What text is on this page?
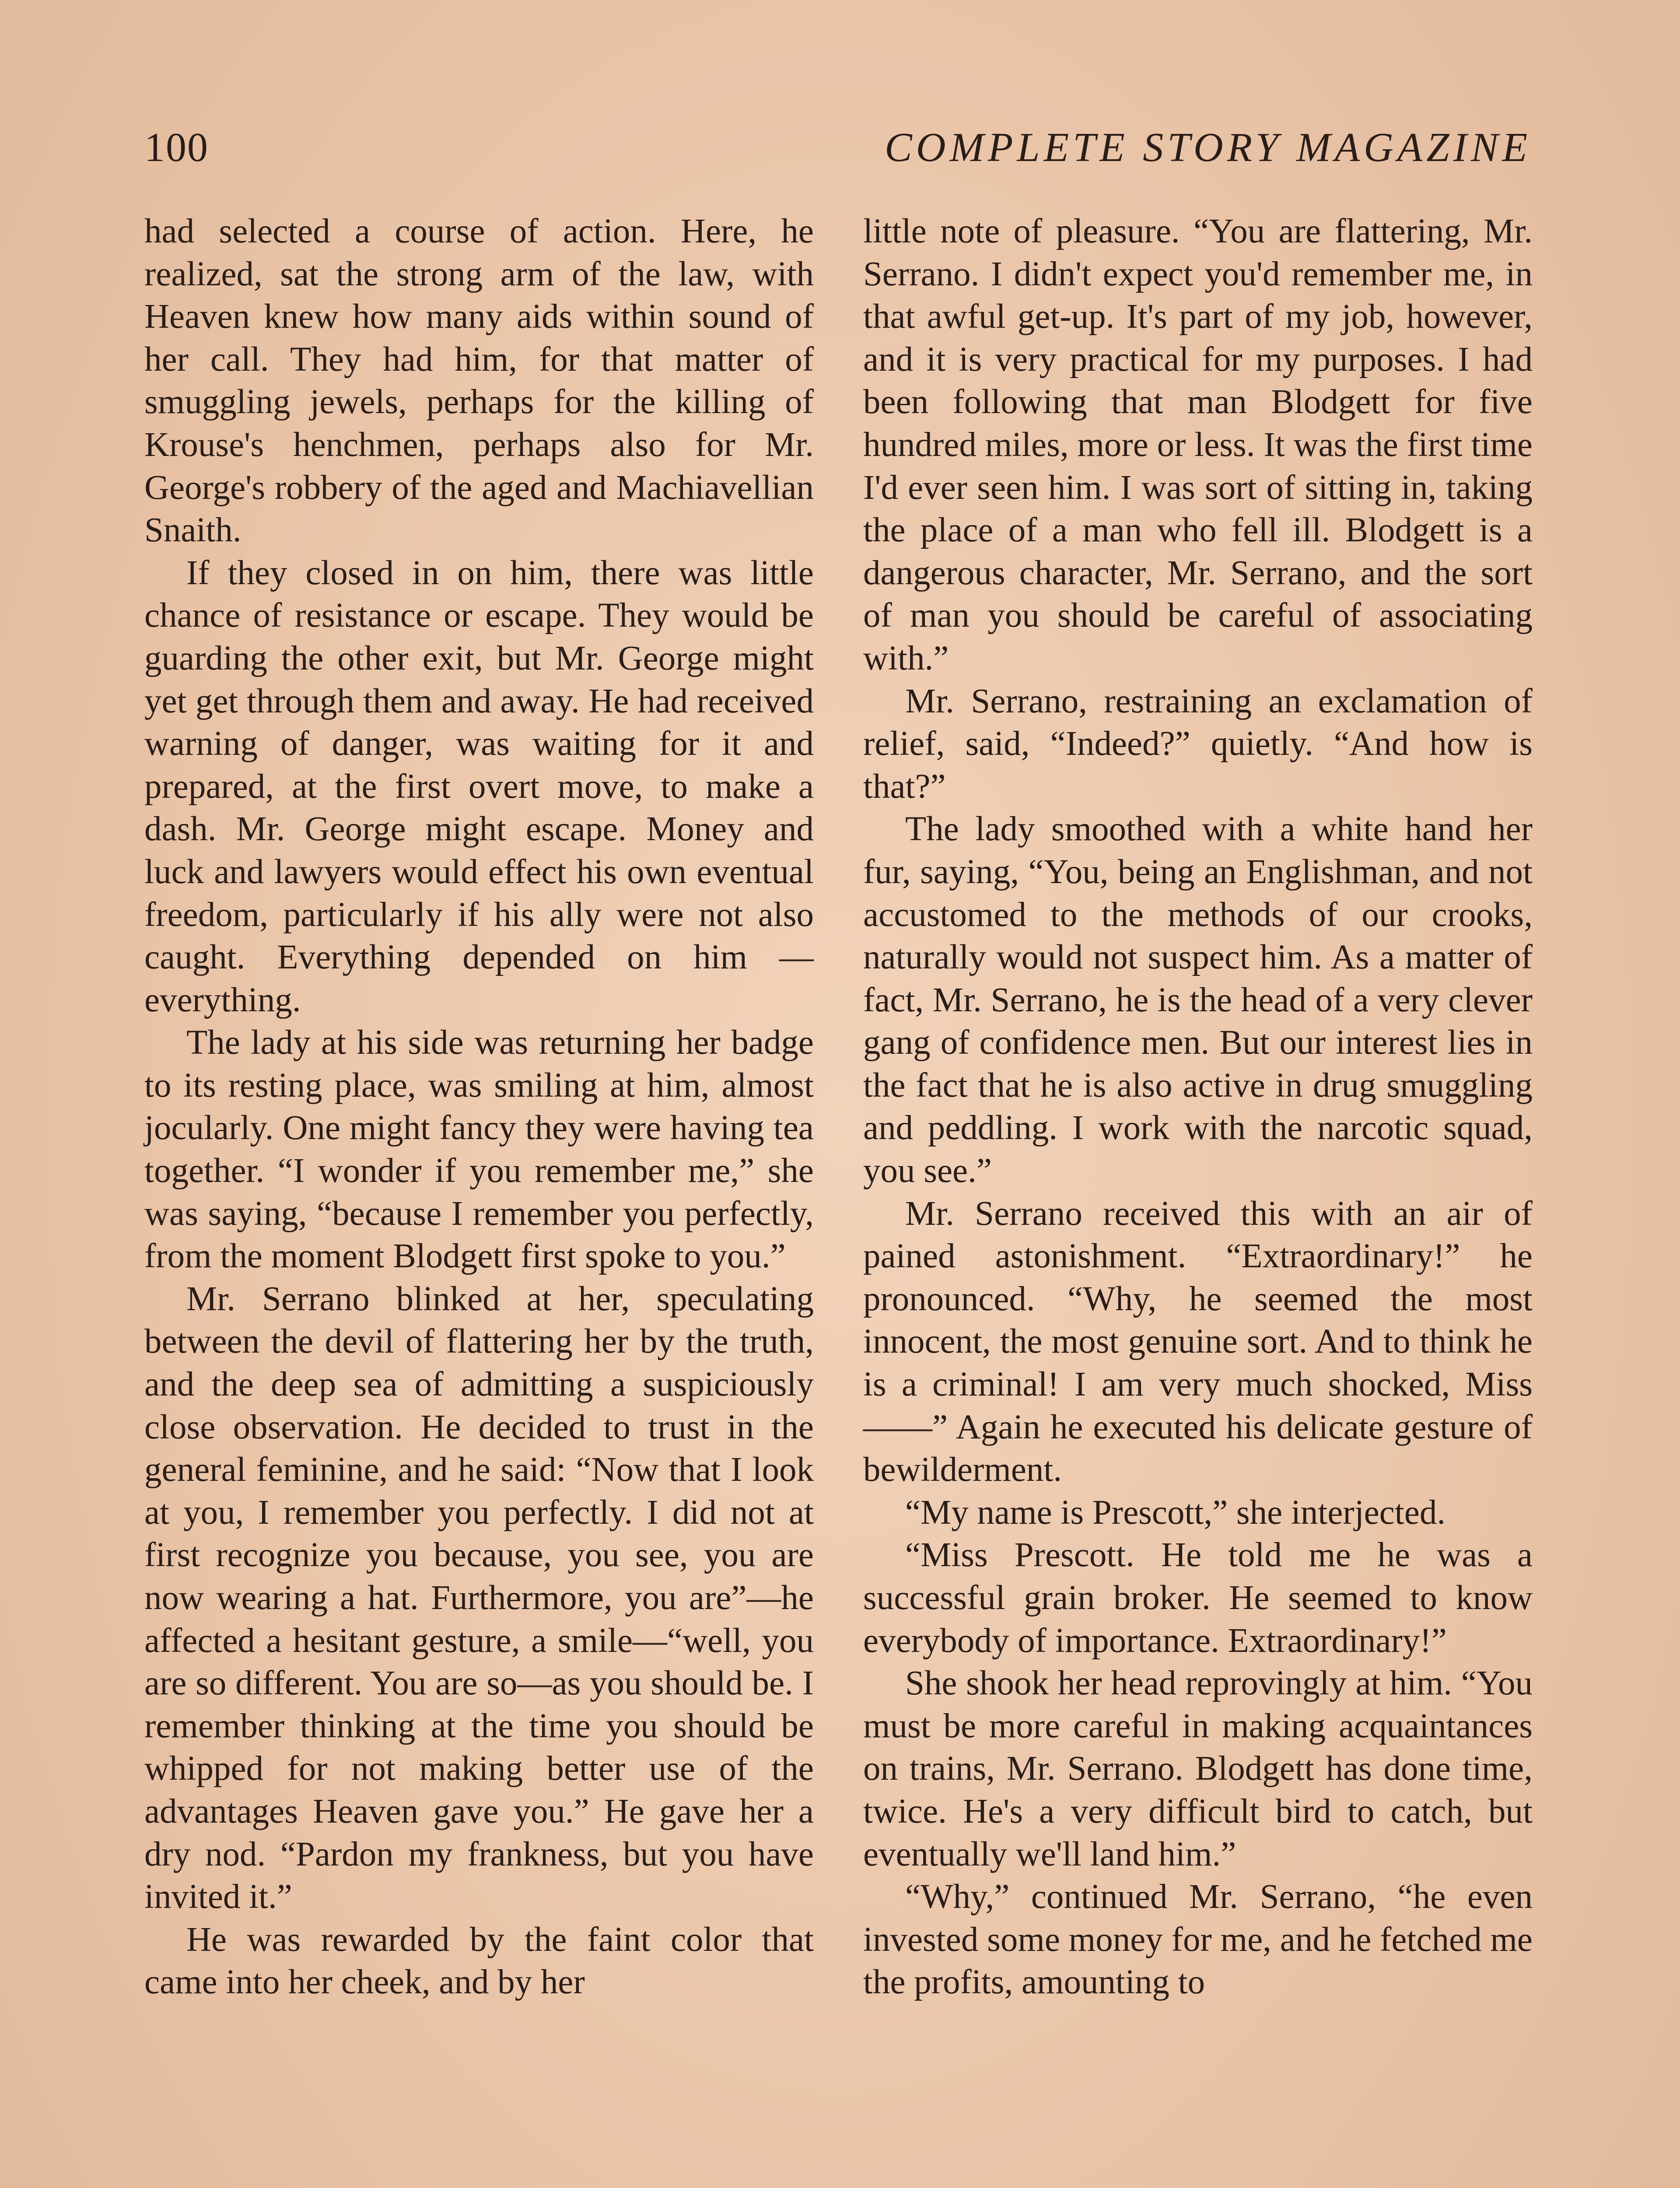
100	COMPLETE STORY MAGAZINE

had selected a course of action. Here, he realized, sat the strong arm of the law, with Heaven knew how many aids within sound of her call. They had him, for that matter of smuggling jewels, perhaps for the killing of Krouse's henchmen, perhaps also for Mr. George's robbery of the aged and Machiavellian Snaith.

If they closed in on him, there was little chance of resistance or escape. They would be guarding the other exit, but Mr. George might yet get through them and away. He had received warning of danger, was waiting for it and prepared, at the first overt move, to make a dash. Mr. George might escape. Money and luck and lawyers would effect his own eventual freedom, particularly if his ally were not also caught. Everything depended on him —everything.

The lady at his side was returning her badge to its resting place, was smiling at him, almost jocularly. One might fancy they were having tea together. “I wonder if you remember me,” she was saying, “because I remember you perfectly, from the moment Blodgett first spoke to you.”

Mr. Serrano blinked at her, speculating between the devil of flattering her by the truth, and the deep sea of admitting a suspiciously close observation. He decided to trust in the general feminine, and he said: “Now that I look at you, I remember you perfectly. I did not at first recognize you because, you see, you are now wearing a hat. Furthermore, you are”—he affected a hesitant gesture, a smile—“well, you are so different. You are so—as you should be. I remember thinking at the time you should be whipped for not making better use of the advantages Heaven gave you.” He gave her a dry nod. “Pardon my frankness, but you have invited it.”

He was rewarded by the faint color that came into her cheek, and by her

little note of pleasure. “You are flattering, Mr. Serrano. I didn't expect you'd remember me, in that awful get-up. It's part of my job, however, and it is very practical for my purposes. I had been following that man Blodgett for five hundred miles, more or less. It was the first time I'd ever seen him. I was sort of sitting in, taking the place of a man who fell ill. Blodgett is a dangerous character, Mr. Serrano, and the sort of man you should be careful of associating with.”

Mr. Serrano, restraining an exclamation of relief, said, “Indeed?” quietly. “And how is that?”

The lady smoothed with a white hand her fur, saying, “You, being an Englishman, and not accustomed to the methods of our crooks, naturally would not suspect him. As a matter of fact, Mr. Serrano, he is the head of a very clever gang of confidence men. But our interest lies in the fact that he is also active in drug smuggling and peddling. I work with the narcotic squad, you see.”

Mr. Serrano received this with an air of pained astonishment. “Extraordinary!” he pronounced. “Why, he seemed the most innocent, the most genuine sort. And to think he is a criminal! I am very much shocked, Miss——” Again he executed his delicate gesture of bewilderment.

“My name is Prescott,” she interjected.

“Miss Prescott. He told me he was a successful grain broker. He seemed to know everybody of importance. Extraordinary!”

She shook her head reprovingly at him. “You must be more careful in making acquaintances on trains, Mr. Serrano. Blodgett has done time, twice. He's a very difficult bird to catch, but eventually we'll land him.”

“Why,” continued Mr. Serrano, “he even invested some money for me, and he fetched me the profits, amounting to
